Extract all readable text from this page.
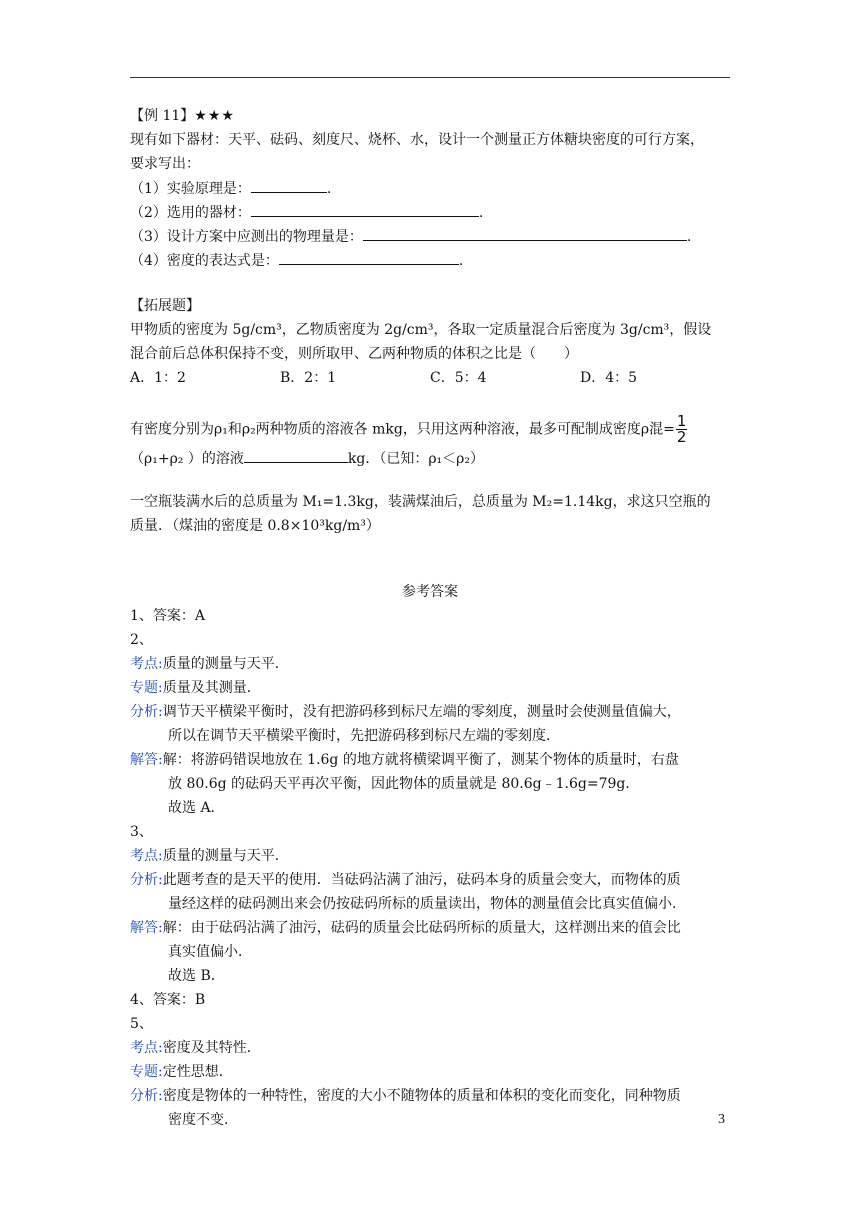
【例 11】★★★
现有如下器材：天平、砝码、刻度尺、烧杯、水，设计一个测量正方体糖块密度的可行方案，
要求写出：
（1）实验原理是：	.
（2）选用的器材：	.
（3）设计方案中应测出的物理量是：	.
（4）密度的表达式是：	.
【拓展题】
甲物质的密度为 5g/cm³，乙物质密度为 2g/cm³，各取一定质量混合后密度为 3g/cm³，假设
混合前后总体积保持不变，则所取甲、乙两种物质的体积之比是（　　）
A．1：2	B．2：1	C．5：4	D．4：5
有密度分别为ρ₁和ρ₂两种物质的溶液各 mkg，只用这两种溶液，最多可配制成密度ρ混= $\frac{1}{2}$
（ρ₁+ρ₂ ）的溶液	kg．（已知：ρ₁＜ρ₂）
一空瓶装满水后的总质量为 M₁=1.3kg，装满煤油后，总质量为 M₂=1.14kg，求这只空瓶的
质量．（煤油的密度是 0.8×10³kg/m³）
参考答案
1、答案：A
2、
考点:质量的测量与天平．
专题:质量及其测量．
分析:调节天平横梁平衡时，没有把游码移到标尺左端的零刻度，测量时会使测量值偏大，
所以在调节天平横梁平衡时，先把游码移到标尺左端的零刻度．
解答:解：将游码错误地放在 1.6g 的地方就将横梁调平衡了，测某个物体的质量时，右盘
放 80.6g 的砝码天平再次平衡，因此物体的质量就是 80.6g﹣1.6g=79g．
故选 A．
3、
考点:质量的测量与天平．
分析:此题考查的是天平的使用．当砝码沾满了油污，砝码本身的质量会变大，而物体的质
量经这样的砝码测出来会仍按砝码所标的质量读出，物体的测量值会比真实值偏小．
解答:解：由于砝码沾满了油污，砝码的质量会比砝码所标的质量大，这样测出来的值会比
真实值偏小．
故选 B．
4、答案：B
5、
考点:密度及其特性．
专题:定性思想．
分析:密度是物体的一种特性，密度的大小不随物体的质量和体积的变化而变化，同种物质
密度不变．	3
